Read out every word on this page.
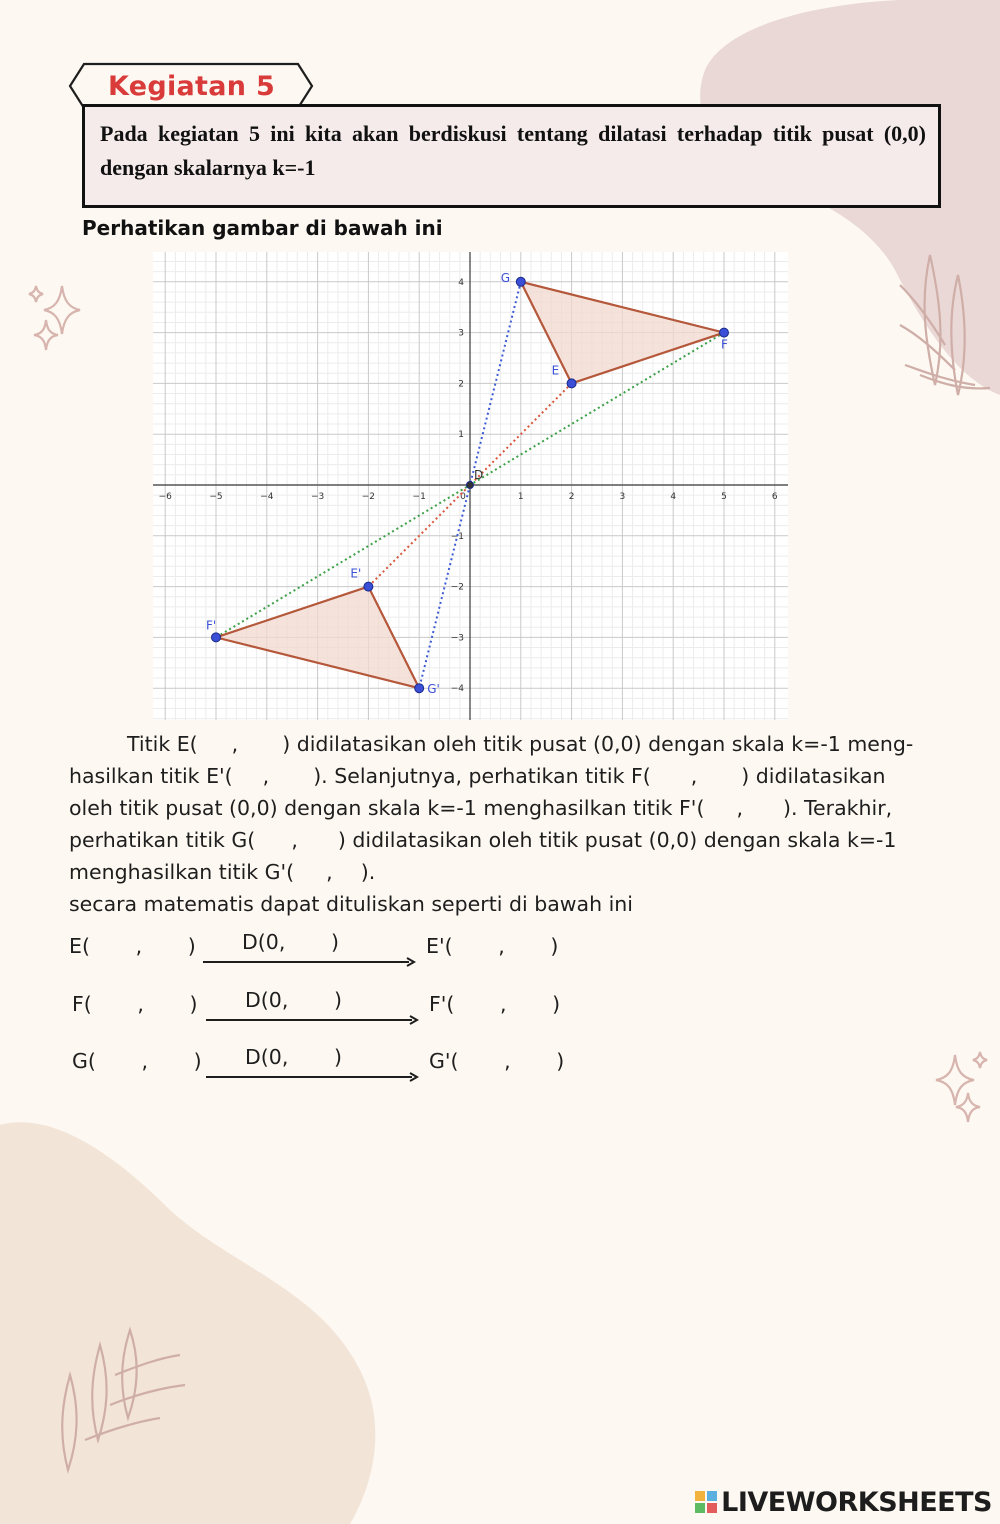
Kegiatan 5
Pada kegiatan 5 ini kita akan berdiskusi tentang dilatasi terhadap titik pusat (0,0) dengan skalarnya k=-1
Perhatikan gambar di bawah ini
−6	−5	−4	−3	−2	−1	0	1	2	3	4	5	6
4
3
2
1
−1
−2
−3
−4
G
E
F
D
E'
F'
G'
Titik E( , ) didilatasikan oleh titik pusat (0,0) dengan skala k=-1 meng-
hasilkan titik E'( , ). Selanjutnya, perhatikan titik F( , ) didilatasikan
oleh titik pusat (0,0) dengan skala k=-1 menghasilkan titik F'( , ). Terakhir,
perhatikan titik G( , ) didilatasikan oleh titik pusat (0,0) dengan skala k=-1
menghasilkan titik G'( , ).
secara matematis dapat dituliskan seperti di bawah ini
E(       ,       ) D(0,       )	E'(       ,       )
F(       ,       ) D(0,       )	F'(       ,       )
G(       ,       ) D(0,       )	G'(       ,       )
LIVEWORKSHEETS
